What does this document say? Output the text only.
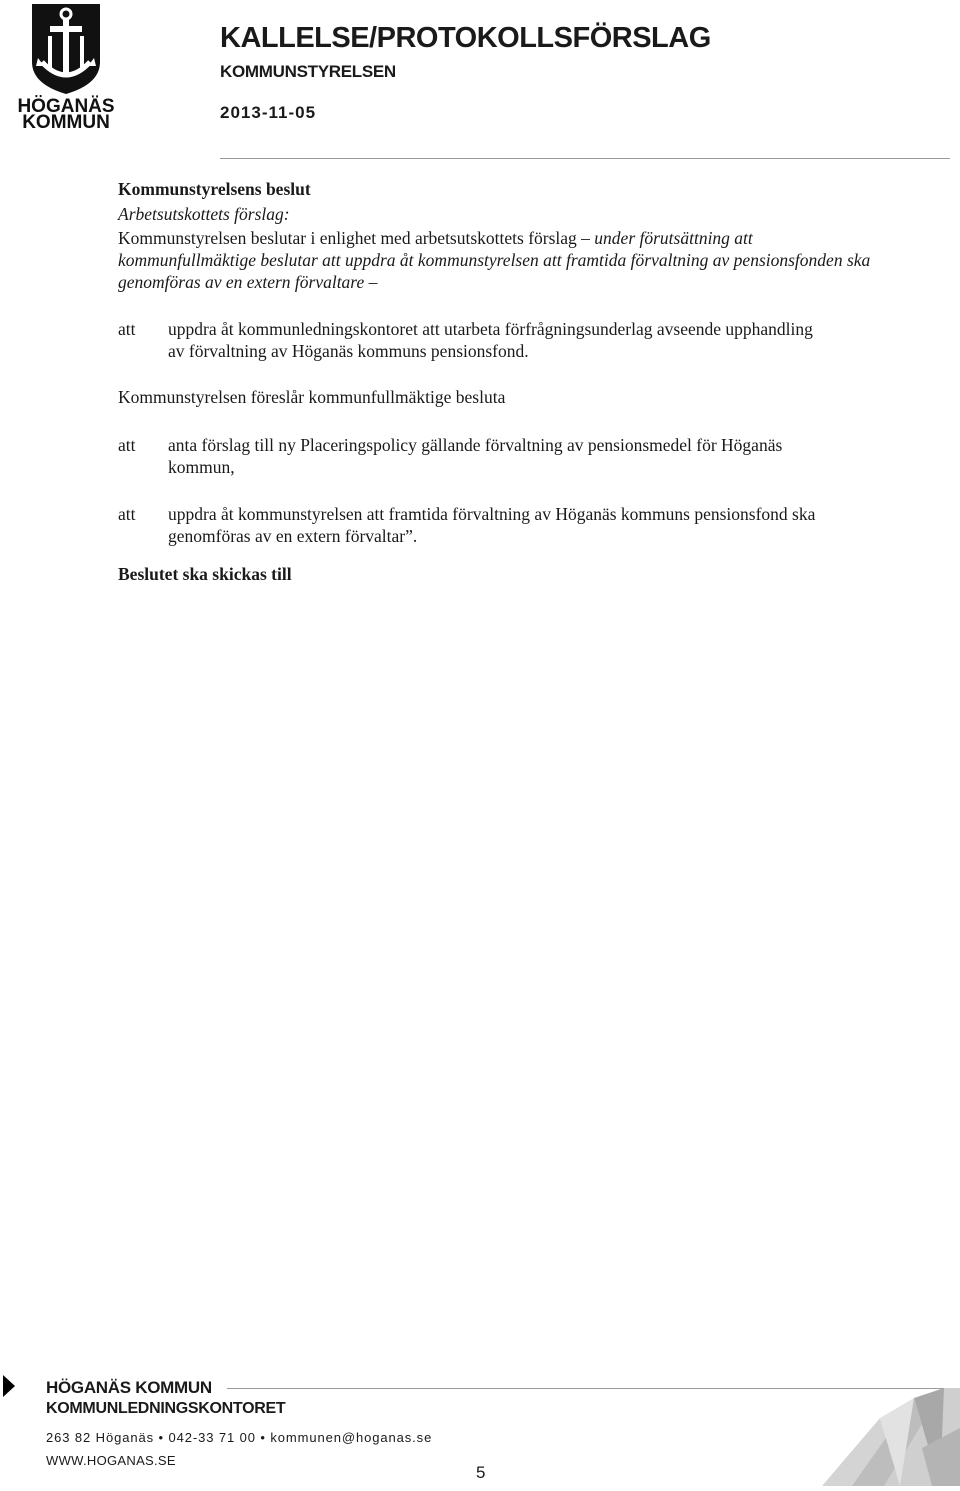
HÖGANÄS
KOMMUN
KALLELSE/PROTOKOLLSFÖRSLAG
KOMMUNSTYRELSEN
2013-11-05
Kommunstyrelsens beslut
Arbetsutskottets förslag:
Kommunstyrelsen beslutar i enlighet med arbetsutskottets förslag – under förutsättning att
kommunfullmäktige beslutar att uppdra åt kommunstyrelsen att framtida förvaltning av pensionsfonden ska
genomföras av en extern förvaltare –
att uppdra åt kommunledningskontoret att utarbeta förfrågningsunderlag avseende upphandling
av förvaltning av Höganäs kommuns pensionsfond.
Kommunstyrelsen föreslår kommunfullmäktige besluta
att anta förslag till ny Placeringspolicy gällande förvaltning av pensionsmedel för Höganäs
kommun,
att uppdra åt kommunstyrelsen att framtida förvaltning av Höganäs kommuns pensionsfond ska
genomföras av en extern förvaltar”.
Beslutet ska skickas till
HÖGANÄS KOMMUN
KOMMUNLEDNINGSKONTORET
263 82 Höganäs • 042-33 71 00 • kommunen@hoganas.se
WWW.HOGANAS.SE
5
